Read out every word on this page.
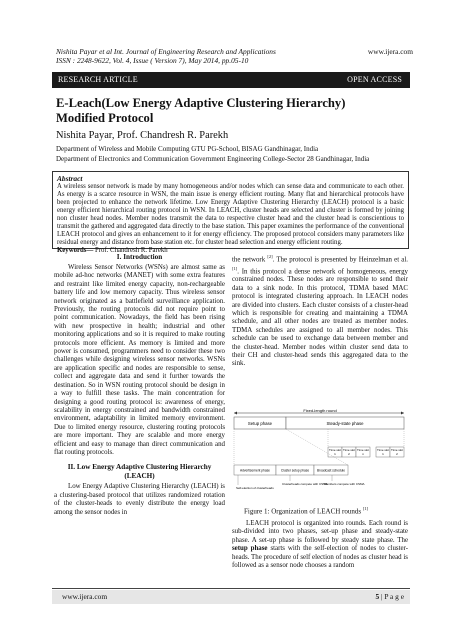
Nishita Payar et al Int. Journal of Engineering Research and Applications
ISSN : 2248-9622, Vol. 4, Issue ( Version 7), May 2014, pp.05-10
www.ijera.com
RESEARCH ARTICLE	OPEN ACCESS
E-Leach(Low Energy Adaptive Clustering Hierarchy) Modified Protocol
Nishita Payar, Prof. Chandresh R. Parekh
Department of Wireless and Mobile Computing GTU PG-School, BISAG Gandhinagar, India
Department of Electronics and Communication Government Engineering College-Sector 28 Gandhinagar, India
Abstract
A wireless sensor network is made by many homogeneous and/or nodes which can sense data and communicate to each other. As energy is a scarce resource in WSN, the main issue is energy efficient routing. Many flat and hierarchical protocols have been projected to enhance the network lifetime. Low Energy Adaptive Clustering Hierarchy (LEACH) protocol is a basic energy efficient hierarchical routing protocol in WSN. In LEACH, cluster heads are selected and cluster is formed by joining non cluster head nodes. Member nodes transmit the data to respective cluster head and the cluster head is conscientious to transmit the gathered and aggregated data directly to the base station. This paper examines the performance of the conventional LEACH protocol and gives an enhancement to it for energy efficiency. The proposed protocol considers many parameters like residual energy and distance from base station etc. for cluster head selection and energy efficient routing.
Keywords— Prof. Chandresh R. Parekh
I. Introduction

Wireless Sensor Networks (WSNs) are almost same as mobile ad-hoc networks (MANET) with some extra features and restraint like limited energy capacity, non-rechargeable battery life and low memory capacity. Thus wireless sensor network originated as a battlefield surveillance application. Previously, the routing protocols did not require point to point communication. Nowadays, the field has been rising with new prospective in health; industrial and other monitoring applications and so it is required to make routing protocols more efficient. As memory is limited and more power is consumed, programmers need to consider these two challenges while designing wireless sensor networks. WSNs are application specific and nodes are responsible to sense, collect and aggregate data and send it further towards the destination. So in WSN routing protocol should be design in a way to fulfill these tasks. The main concentration for designing a good routing protocol is: awareness of energy, scalability in energy constrained and bandwidth constrained environment, adaptability in limited memory environment. Due to limited energy resource, clustering routing protocols are more important. They are scalable and more energy efficient and easy to manage than direct communication and flat routing protocols.

II. Low Energy Adaptive Clustering Hierarchy (LEACH)

Low Energy Adaptive Clustering Hierarchy (LEACH) is a clustering-based protocol that utilizes randomized rotation of the cluster-heads to evenly distribute the energy load among the sensor nodes in

the network [2]. The protocol is presented by Heinzelman et al.[1]. In this protocol a dense network of homogeneous, energy constrained nodes. These nodes are responsible to send their data to a sink node. In this protocol, TDMA based MAC protocol is integrated clustering approach. In LEACH nodes are divided into clusters. Each cluster consists of a cluster-head which is responsible for creating and maintaining a TDMA schedule, and all other nodes are treated as member nodes. TDMA schedules are assigned to all member nodes. This schedule can be used to exchange data between member and the cluster-head. Member nodes within cluster send data to their CH and cluster-head sends this aggregated data to the sink.

Fixed-length round
Setup phase	Steady-state phase
Time slot
1
Time slot
2
Time slot
n
Time slot
1
Time slot
2
Advertisement phase	Cluster setup phase Broadcast schedule
Self-election of clusterheads
Clusterheads compete with CSMA
Members compete with CSMA
Figure 1: Organization of LEACH rounds [1]

LEACH protocol is organized into rounds. Each round is sub-divided into two phases, set-up phase and steady-state phase. A set-up phase is followed by steady state phase. The setup phase starts with the self-election of nodes to cluster-heads. The procedure of self election of nodes as cluster head is followed as a sensor node chooses a random

www.ijera.com	5 | P a g e
